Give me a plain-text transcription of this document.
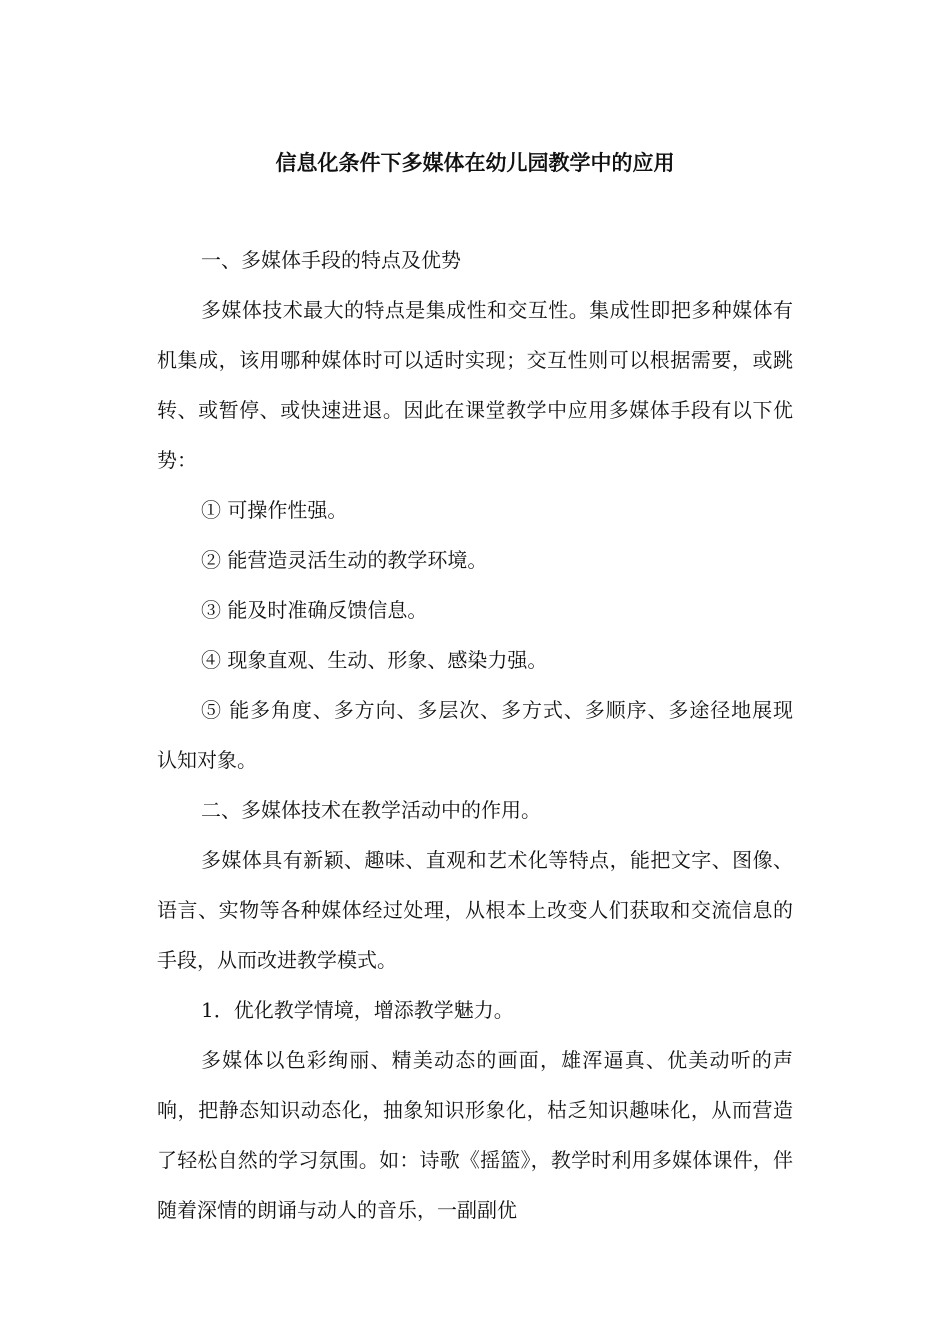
信息化条件下多媒体在幼儿园教学中的应用

一、多媒体手段的特点及优势

多媒体技术最大的特点是集成性和交互性。集成性即把多种媒体有机集成，该用哪种媒体时可以适时实现；交互性则可以根据需要，或跳转、或暂停、或快速进退。因此在课堂教学中应用多媒体手段有以下优势：

① 可操作性强。

② 能营造灵活生动的教学环境。

③ 能及时准确反馈信息。

④ 现象直观、生动、形象、感染力强。

⑤ 能多角度、多方向、多层次、多方式、多顺序、多途径地展现 认知对象。

二、多媒体技术在教学活动中的作用。

多媒体具有新颖、趣味、直观和艺术化等特点，能把文字、图像、语言、实物等各种媒体经过处理，从根本上改变人们获取和交流信息的手段，从而改进教学模式。

1．优化教学情境，增添教学魅力。

多媒体以色彩绚丽、精美动态的画面，雄浑逼真、优美动听的声响，把静态知识动态化，抽象知识形象化，枯乏知识趣味化，从而营造了轻松自然的学习氛围。如：诗歌《摇篮》，教学时利用多媒体课件，伴随着深情的朗诵与动人的音乐，一副副优
